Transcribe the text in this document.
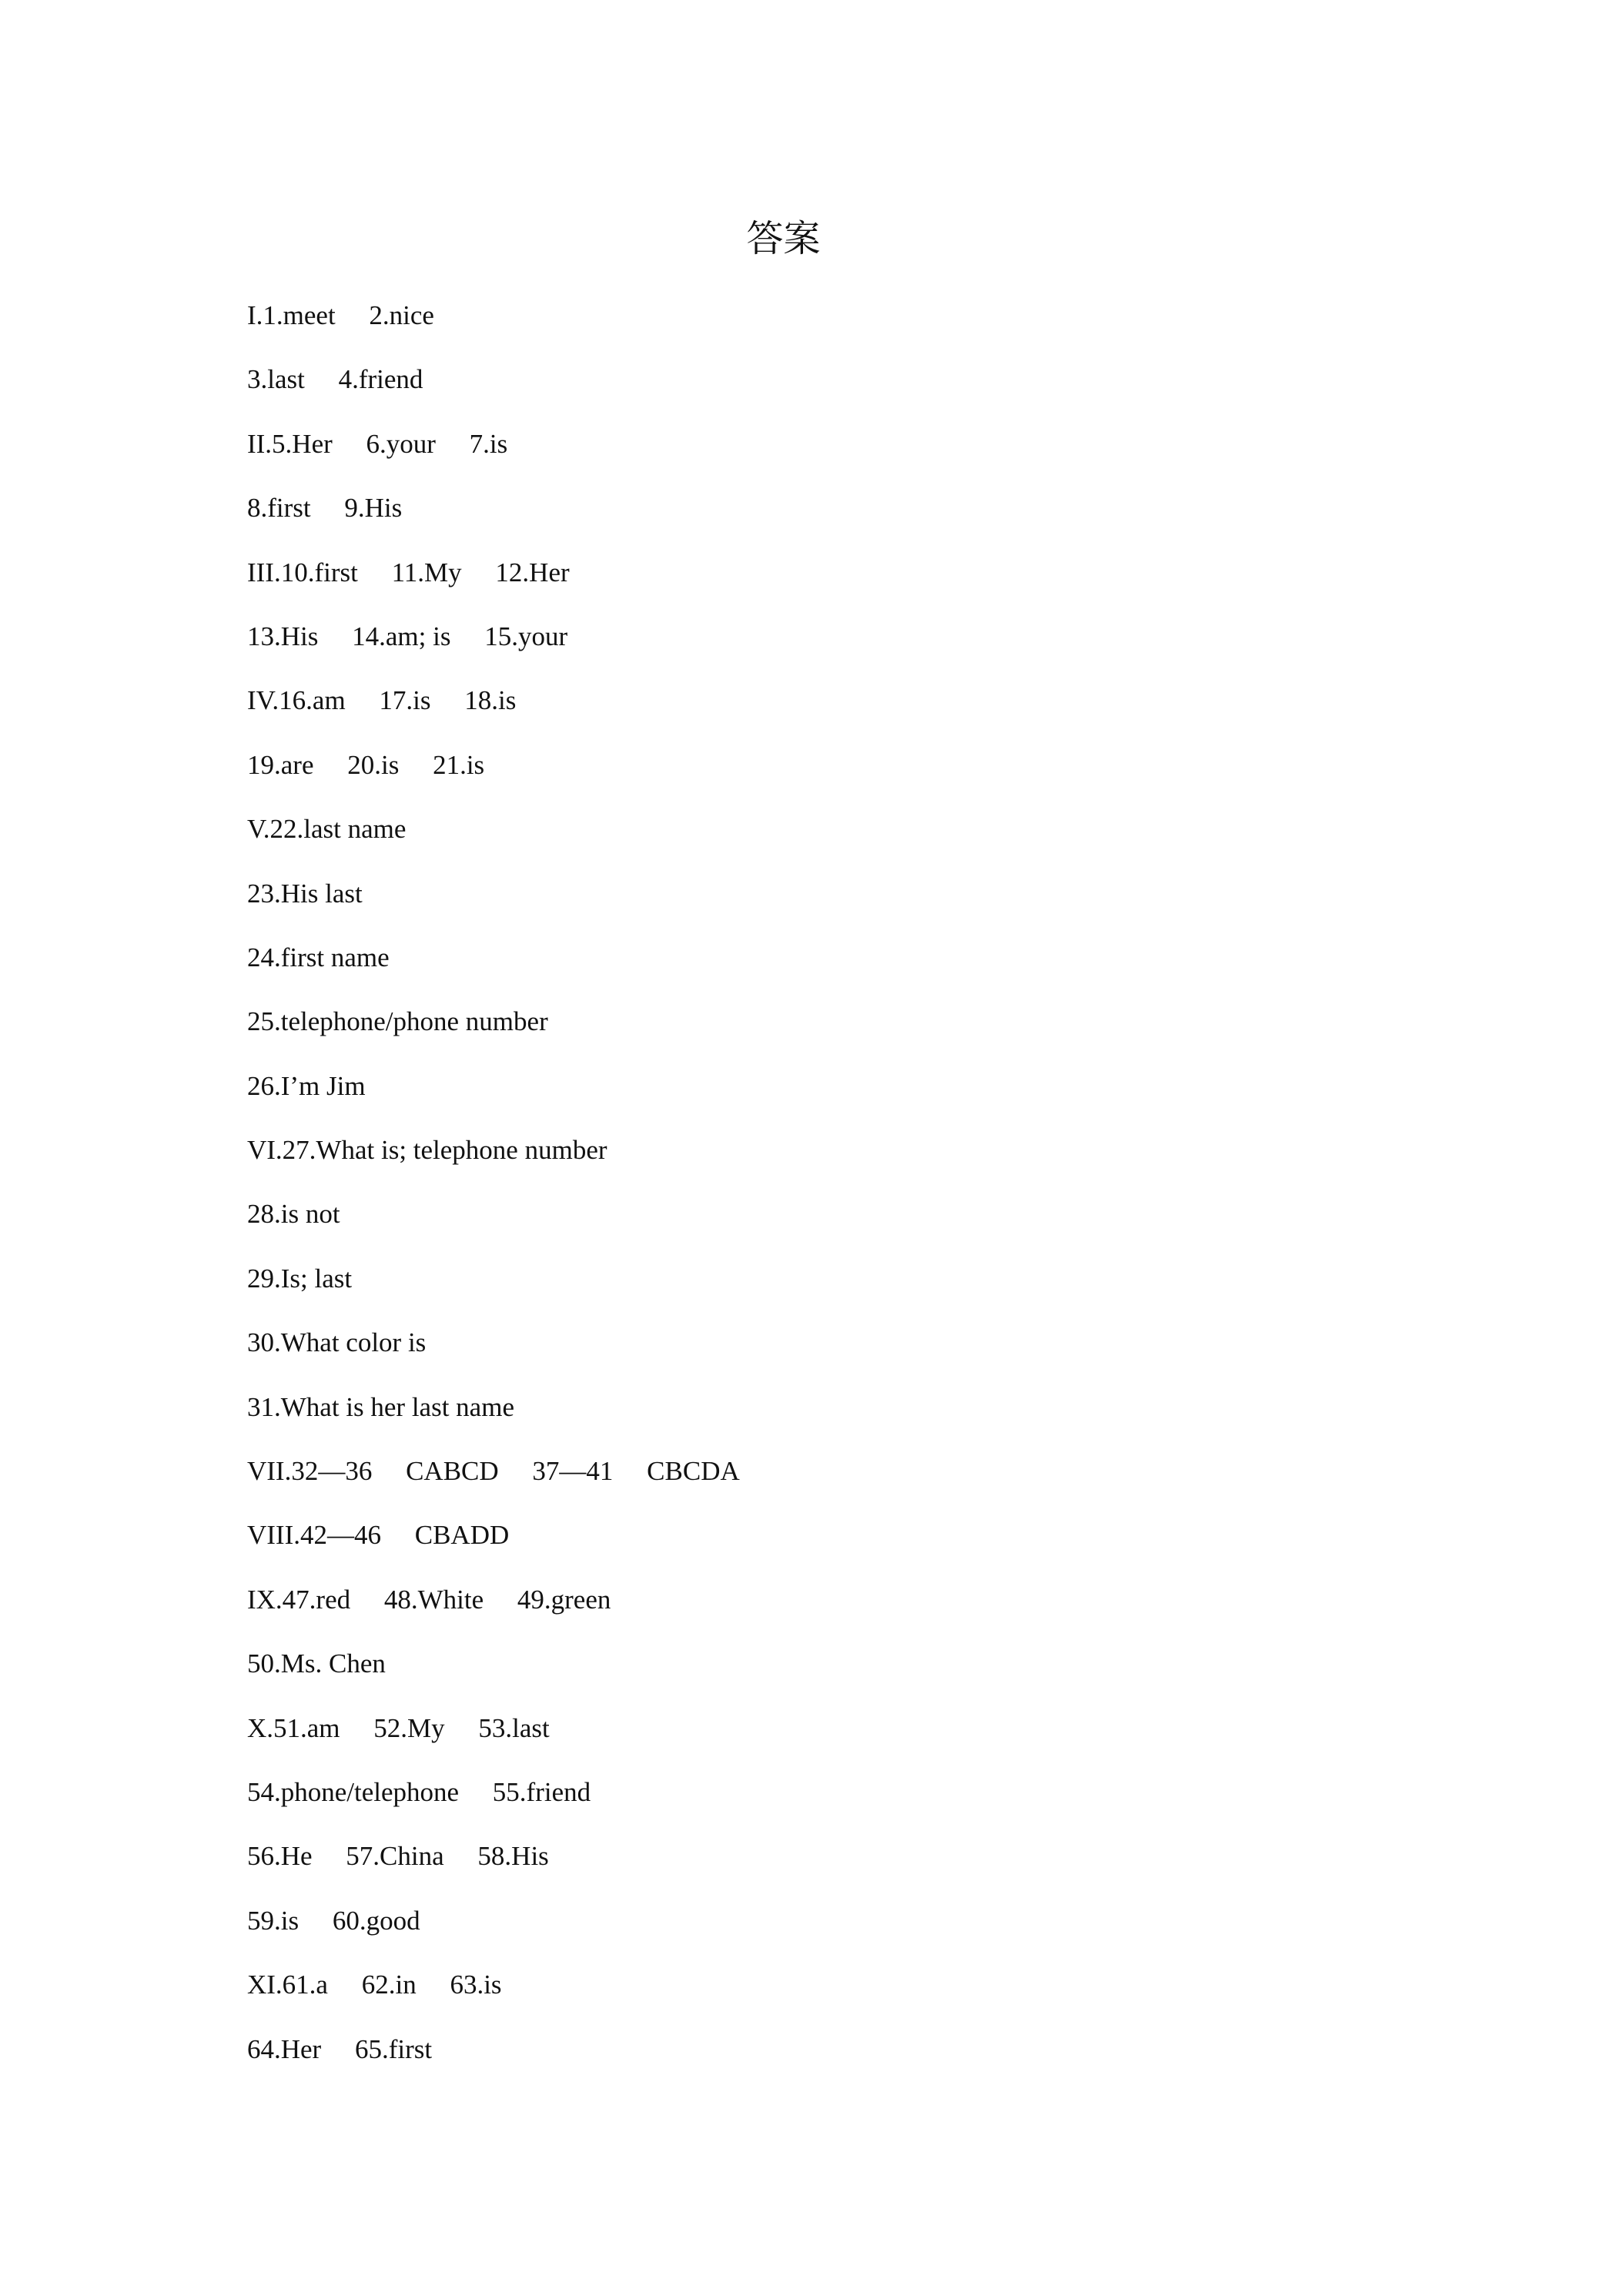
答案
I.1.meet　 2.nice
3.last　 4.friend
II.5.Her　 6.your　 7.is
8.first　 9.His
III.10.first　 11.My　 12.Her
13.His　 14.am; is　 15.your
IV.16.am　 17.is　 18.is
19.are　 20.is　 21.is
V.22.last name
23.His last
24.first name
25.telephone/phone number
26.I’m Jim
VI.27.What is; telephone number
28.is not
29.Is; last
30.What color is
31.What is her last name
VII.32—36　 CABCD　 37—41　 CBCDA
VIII.42—46　 CBADD
IX.47.red　 48.White　 49.green
50.Ms. Chen
X.51.am　 52.My　 53.last
54.phone/telephone　 55.friend
56.He　 57.China　 58.His
59.is　 60.good
XI.61.a　 62.in　 63.is
64.Her　 65.first
